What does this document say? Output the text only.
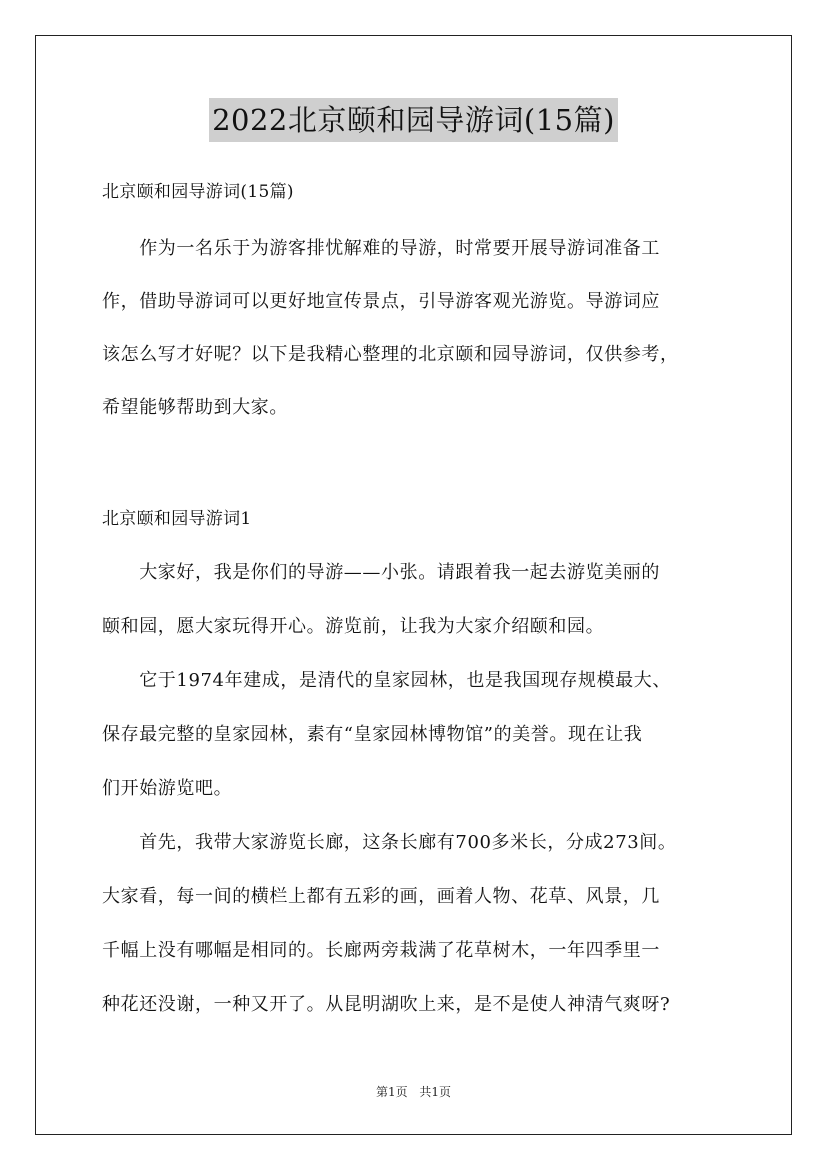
2022北京颐和园导游词(15篇)
北京颐和园导游词(15篇)
　　作为一名乐于为游客排忧解难的导游，时常要开展导游词准备工
作，借助导游词可以更好地宣传景点，引导游客观光游览。导游词应
该怎么写才好呢？以下是我精心整理的北京颐和园导游词，仅供参考，
希望能够帮助到大家。
北京颐和园导游词1
　　大家好，我是你们的导游——小张。请跟着我一起去游览美丽的
颐和园，愿大家玩得开心。游览前，让我为大家介绍颐和园。
　　它于1974年建成，是清代的皇家园林，也是我国现存规模最大、
保存最完整的皇家园林，素有“皇家园林博物馆”的美誉。现在让我
们开始游览吧。
　　首先，我带大家游览长廊，这条长廊有700多米长，分成273间。
大家看，每一间的横栏上都有五彩的画，画着人物、花草、风景，几
千幅上没有哪幅是相同的。长廊两旁栽满了花草树木，一年四季里一
种花还没谢，一种又开了。从昆明湖吹上来，是不是使人神清气爽呀?
第1页 共1页
